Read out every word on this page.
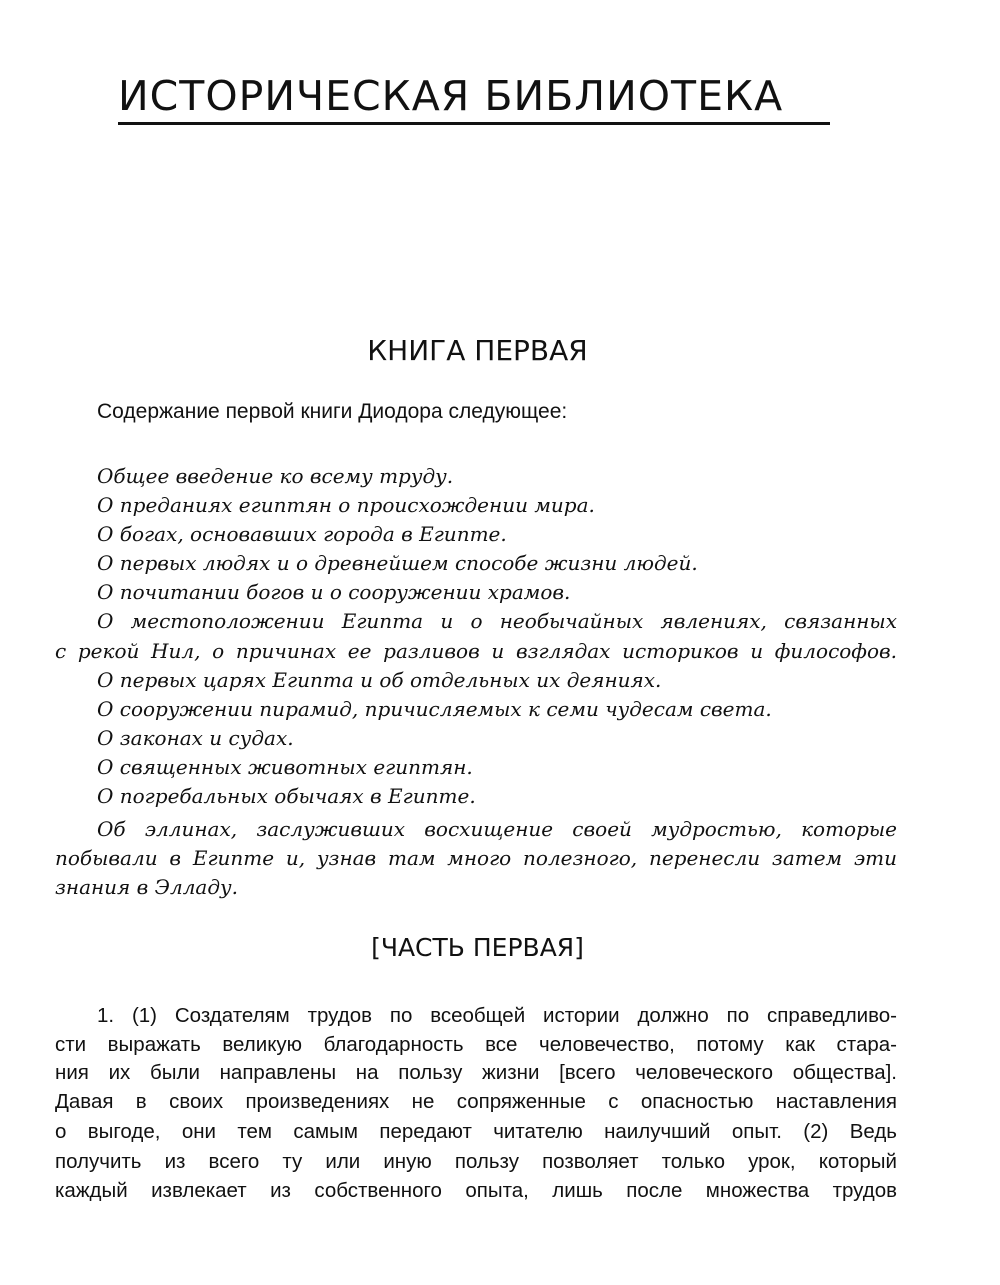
ИСТОРИЧЕСКАЯ БИБЛИОТЕКА
КНИГА ПЕРВАЯ
Содержание первой книги Диодора следующее:
Общее введение ко всему труду.
О преданиях египтян о происхождении мира.
О богах, основавших города в Египте.
О первых людях и о древнейшем способе жизни людей.
О почитании богов и о сооружении храмов.
О местоположении Египта и о необычайных явлениях, связанных
с рекой Нил, о причинах ее разливов и взглядах историков и философов.
О первых царях Египта и об отдельных их деяниях.
О сооружении пирамид, причисляемых к семи чудесам света.
О законах и судах.
О священных животных египтян.
О погребальных обычаях в Египте.
Об эллинах, заслуживших восхищение своей мудростью, которые
побывали в Египте и, узнав там много полезного, перенесли затем эти
знания в Элладу.
[ЧАСТЬ ПЕРВАЯ]
1. (1) Создателям трудов по всеобщей истории должно по справедливо-
сти выражать великую благодарность все человечество, потому как стара-
ния их были направлены на пользу жизни [всего человеческого общества].
Давая в своих произведениях не сопряженные с опасностью наставления
о выгоде, они тем самым передают читателю наилучший опыт. (2) Ведь
получить из всего ту или иную пользу позволяет только урок, который
каждый извлекает из собственного опыта, лишь после множества трудов
